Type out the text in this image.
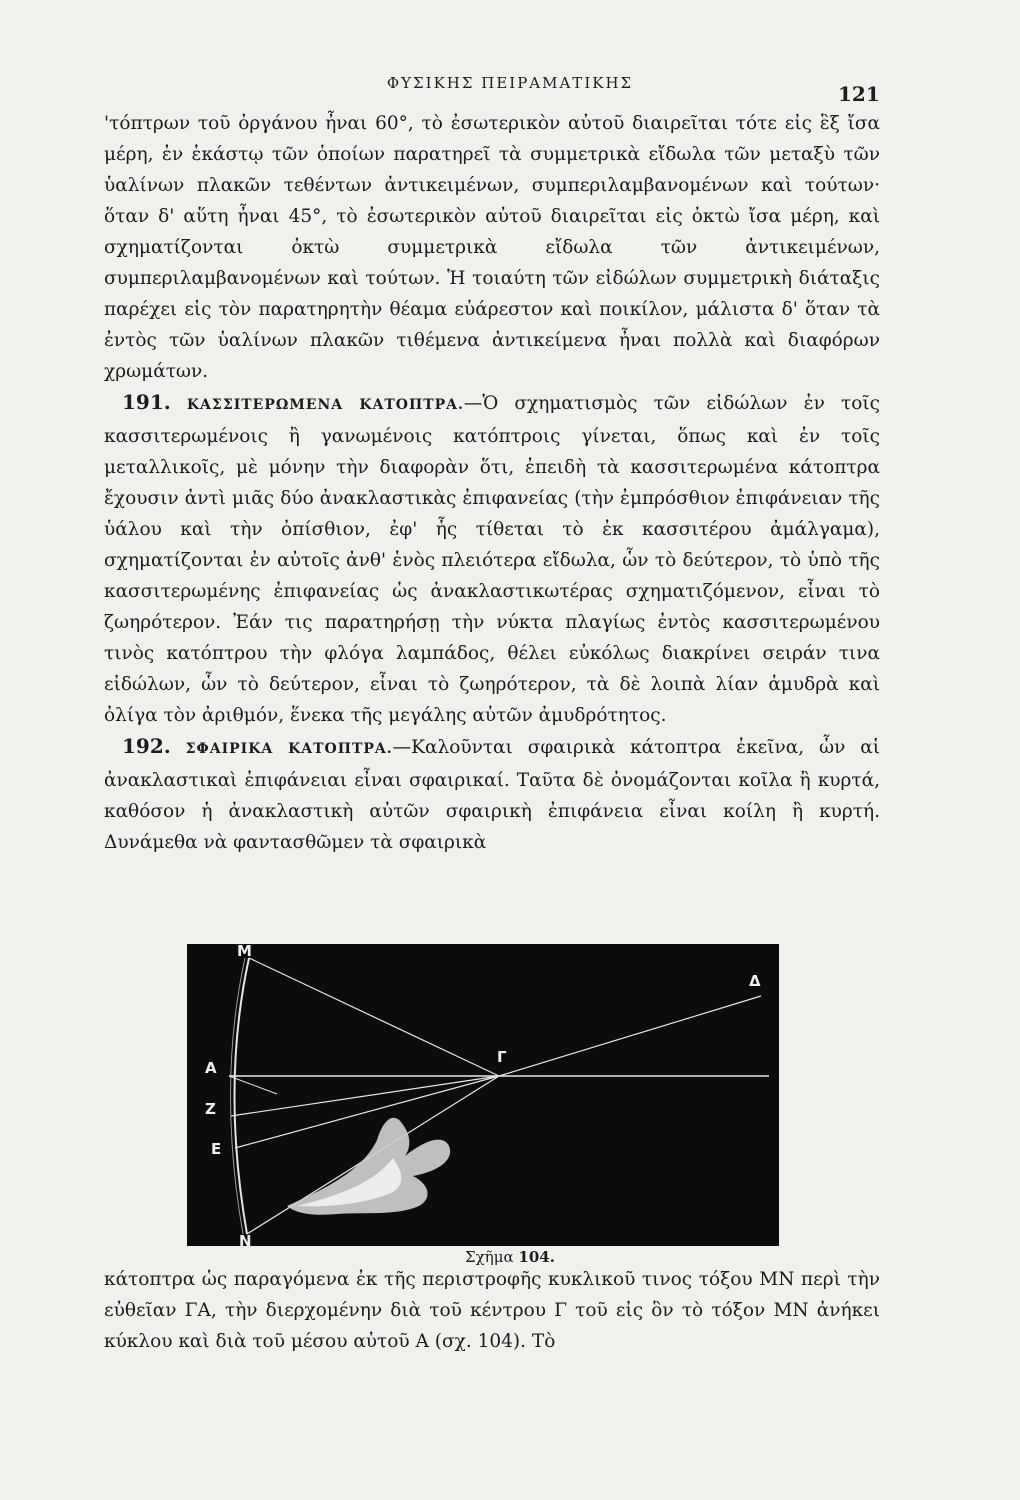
ΦΥΣΙΚΗΣ ΠΕΙΡΑΜΑΤΙΚΗΣ	121

'τόπτρων τοῦ ὀργάνου ἦναι 60°, τὸ ἐσωτερικὸν αὐτοῦ διαιρεῖται τότε εἰς ἓξ ἴσα μέρη, ἐν ἑκάστῳ τῶν ὁποίων παρατηρεῖ τὰ συμμετρικὰ εἴδωλα τῶν μεταξὺ τῶν ὑαλίνων πλακῶν τεθέντων ἀντικειμένων, συμπεριλαμβανομένων καὶ τούτων· ὅταν δ' αὕτη ἦναι 45°, τὸ ἐσωτερικὸν αὐτοῦ διαιρεῖται εἰς ὀκτὼ ἴσα μέρη, καὶ σχηματίζονται ὀκτὼ συμμετρικὰ εἴδωλα τῶν ἀντικειμένων, συμπεριλαμβανομένων καὶ τούτων. Ἡ τοιαύτη τῶν εἰδώλων συμμετρικὴ διάταξις παρέχει εἰς τὸν παρατηρητὴν θέαμα εὐάρεστον καὶ ποικίλον, μάλιστα δ' ὅταν τὰ ἐντὸς τῶν ὑαλίνων πλακῶν τιθέμενα ἀντικείμενα ἦναι πολλὰ καὶ διαφόρων χρωμάτων.

191. ΚΑΣΣΙΤΕΡΩΜΕΝΑ ΚΑΤΟΠΤΡΑ.—Ὁ σχηματισμὸς τῶν εἰδώλων ἐν τοῖς κασσιτερωμένοις ἢ γανωμένοις κατόπτροις γίνεται, ὅπως καὶ ἐν τοῖς μεταλλικοῖς, μὲ μόνην τὴν διαφορὰν ὅτι, ἐπειδὴ τὰ κασσιτερωμένα κάτοπτρα ἔχουσιν ἀντὶ μιᾶς δύο ἀνακλαστικὰς ἐπιφανείας (τὴν ἐμπρόσθιον ἐπιφάνειαν τῆς ὑάλου καὶ τὴν ὀπίσθιον, ἐφ' ἧς τίθεται τὸ ἐκ κασσιτέρου ἀμάλγαμα), σχηματίζονται ἐν αὐτοῖς ἀνθ' ἑνὸς πλειότερα εἴδωλα, ὧν τὸ δεύτερον, τὸ ὑπὸ τῆς κασσιτερωμένης ἐπιφανείας ὡς ἀνακλαστικωτέρας σχηματιζόμενον, εἶναι τὸ ζωηρότερον. Ἐάν τις παρατηρήσῃ τὴν νύκτα πλαγίως ἐντὸς κασσιτερωμένου τινὸς κατόπτρου τὴν φλόγα λαμπάδος, θέλει εὐκόλως διακρίνει σειράν τινα εἰδώλων, ὧν τὸ δεύτερον, εἶναι τὸ ζωηρότερον, τὰ δὲ λοιπὰ λίαν ἀμυδρὰ καὶ ὀλίγα τὸν ἀριθμόν, ἕνεκα τῆς μεγάλης αὐτῶν ἀμυδρότητος.

192. ΣΦΑΙΡΙΚΑ ΚΑΤΟΠΤΡΑ.—Καλοῦνται σφαιρικὰ κάτοπτρα ἐκεῖνα, ὧν αἱ ἀνακλαστικαὶ ἐπιφάνειαι εἶναι σφαιρικαί. Ταῦτα δὲ ὀνομάζονται κοῖλα ἢ κυρτά, καθόσον ἡ ἀνακλαστικὴ αὐτῶν σφαιρικὴ ἐπιφάνεια εἶναι κοίλη ἢ κυρτή. Δυνάμεθα νὰ φαντασθῶμεν τὰ σφαιρικὰ

Μ
Α
Ζ
Ε
Ν
Γ
Δ
Σχῆμα 104.

κάτοπτρα ὡς παραγόμενα ἐκ τῆς περιστροφῆς κυκλικοῦ τινος τόξου ΜΝ περὶ τὴν εὐθεῖαν ΓΑ, τὴν διερχομένην διὰ τοῦ κέντρου Γ τοῦ εἰς ὃν τὸ τόξον ΜΝ ἀνήκει κύκλου καὶ διὰ τοῦ μέσου αὐτοῦ Α (σχ. 104). Τὸ
